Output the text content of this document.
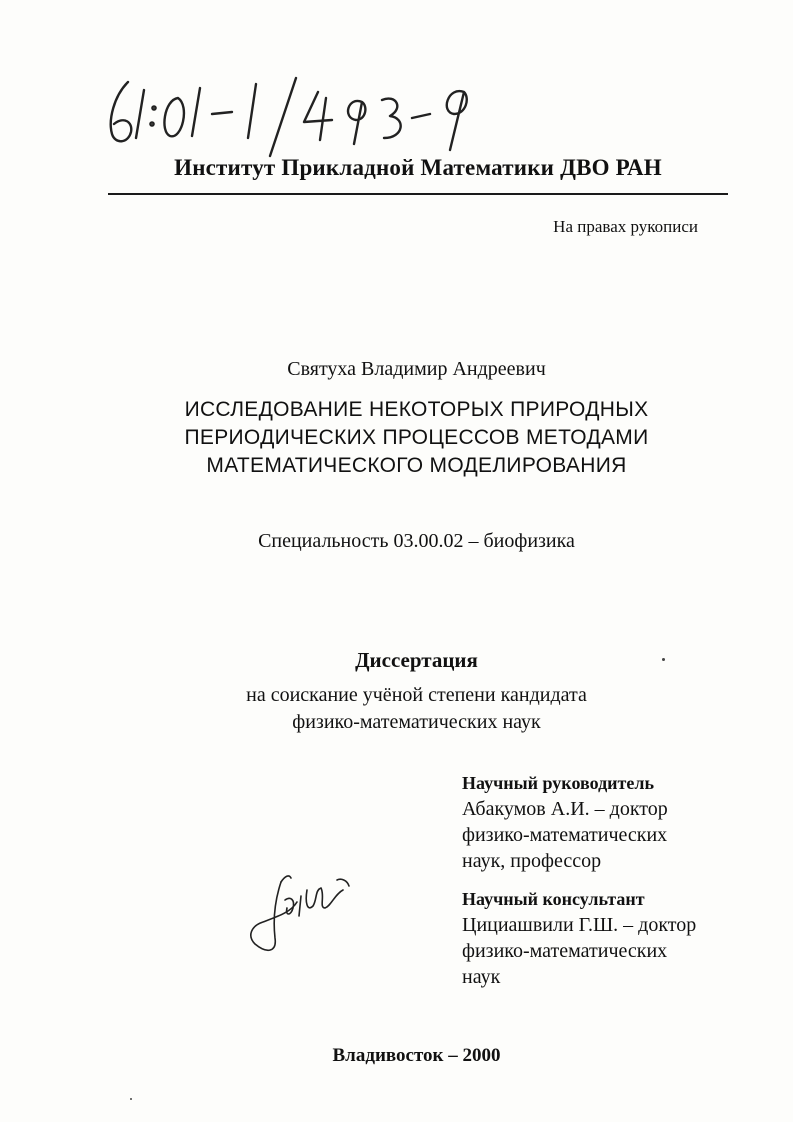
Институт Прикладной Математики ДВО РАН
На правах рукописи
Святуха Владимир Андреевич
ИССЛЕДОВАНИЕ НЕКОТОРЫХ ПРИРОДНЫХ
ПЕРИОДИЧЕСКИХ ПРОЦЕССОВ МЕТОДАМИ
МАТЕМАТИЧЕСКОГО МОДЕЛИРОВАНИЯ
Специальность 03.00.02 – биофизика
Диссертация
на соискание учёной степени кандидата
физико-математических наук
Научный руководитель
Абакумов А.И. – доктор
физико-математических
наук, профессор
Научный консультант
Цициашвили Г.Ш. – доктор
физико-математических
наук
Владивосток – 2000
